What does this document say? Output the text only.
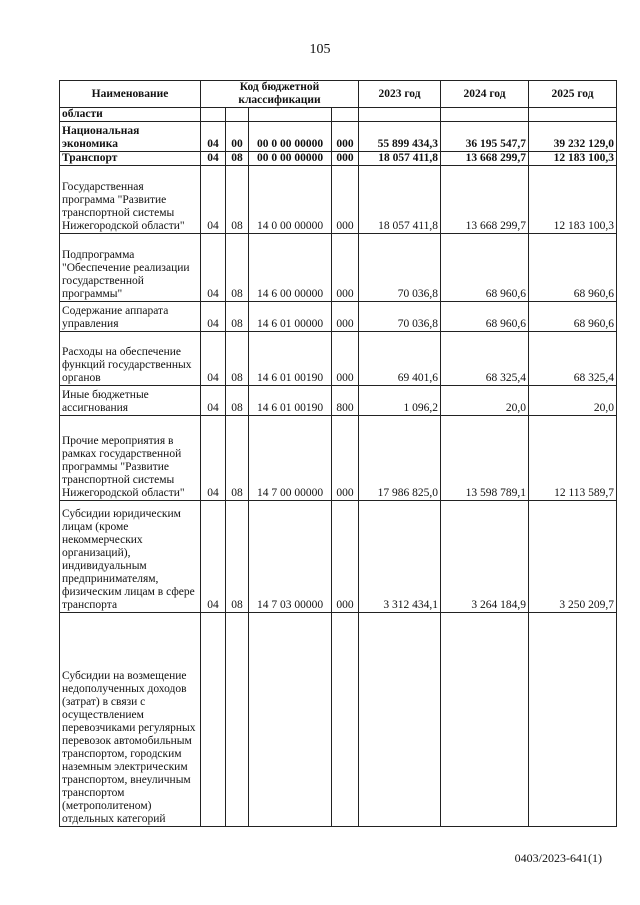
105
Наименование	Код бюджетной классификации				2023 год	2024 год	2025 год
области							
Национальная экономика	04	00	00 0 00 00000	000	55 899 434,3	36 195 547,7	39 232 129,0
Транспорт	04	08	00 0 00 00000	000	18 057 411,8	13 668 299,7	12 183 100,3
Государственная программа "Развитие транспортной системы Нижегородской области"	04	08	14 0 00 00000	000	18 057 411,8	13 668 299,7	12 183 100,3
Подпрограмма "Обеспечение реализации государственной программы"	04	08	14 6 00 00000	000	70 036,8	68 960,6	68 960,6
Содержание аппарата управления	04	08	14 6 01 00000	000	70 036,8	68 960,6	68 960,6
Расходы на обеспечение функций государственных органов	04	08	14 6 01 00190	000	69 401,6	68 325,4	68 325,4
Иные бюджетные ассигнования	04	08	14 6 01 00190	800	1 096,2	20,0	20,0
Прочие мероприятия в рамках государственной программы "Развитие транспортной системы Нижегородской области"	04	08	14 7 00 00000	000	17 986 825,0	13 598 789,1	12 113 589,7
Субсидии юридическим лицам (кроме некоммерческих организаций), индивидуальным предпринимателям, физическим лицам в сфере транспорта	04	08	14 7 03 00000	000	3 312 434,1	3 264 184,9	3 250 209,7
Субсидии на возмещение недополученных доходов (затрат) в связи с осуществлением перевозчиками регулярных перевозок автомобильным транспортом, городским наземным электрическим транспортом, внеуличным транспортом (метрополитеном) отдельных категорий							
0403/2023-641(1)
